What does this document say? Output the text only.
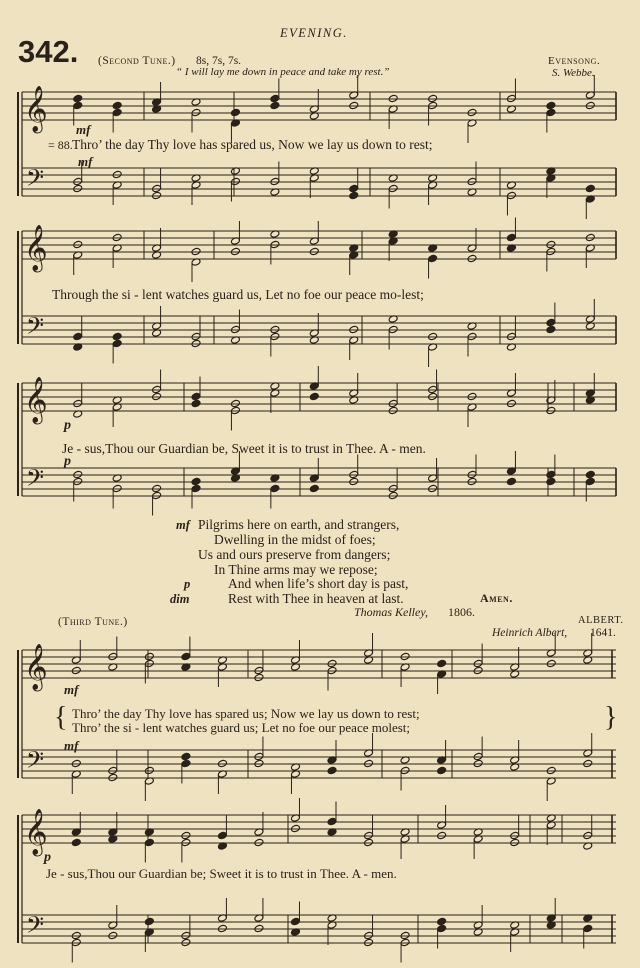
EVENING.
342. (Second Tune.) 8s, 7s, 7s.
“ I will lay me down in peace and take my rest.”
Evensong.
S. Webbe.
𝄞
𝄢
𝄞
𝄢
𝄞
𝄢
𝄞
𝄢
𝄞
𝄢
mf
= 88. Thro’ the day Thy love has spared us, Now we lay us down to rest;
mf
Through the si - lent watches guard us, Let no foe our peace mo-lest;
p
Je - sus,Thou our Guardian be, Sweet it is to trust in Thee. A - men.
p
mf Pilgrims here on earth, and strangers,
Dwelling in the midst of foes;
Us and ours preserve from dangers;
In Thine arms may we repose;
p	And when life’s short day is past,
dim	Rest with Thee in heaven at last.	Amen.
Thomas Kelley, 1806.
(Third Tune.)	ALBERT.
Heinrich Albert, 1641.
mf
{ Thro’ the day Thy love has spared us; Now we lay us down to rest;
Thro’ the si - lent watches guard us; Let no foe our peace molest;	}
mf
p
Je - sus,Thou our Guardian be; Sweet it is to trust in Thee. A - men.
